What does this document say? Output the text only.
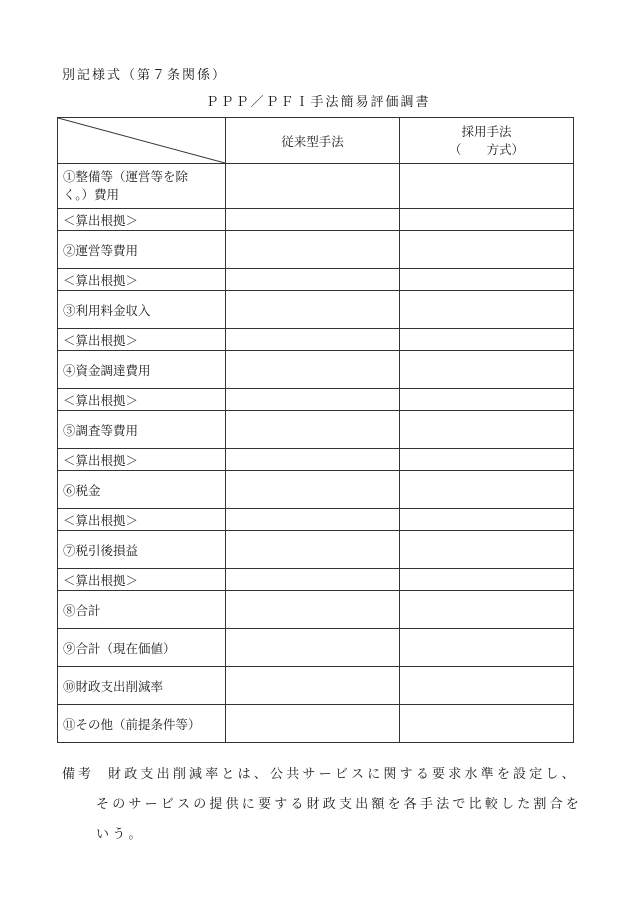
別記様式（第７条関係）
ＰＰＰ／ＰＦＩ手法簡易評価調書
	従来型手法	採用手法
（　　方式）

①整備等（運営等を除
く。）費用		

＜算出根拠＞		
②運営等費用		
＜算出根拠＞		
③利用料金収入		
＜算出根拠＞		
④資金調達費用		
＜算出根拠＞		
⑤調査等費用		
＜算出根拠＞		
⑥税金		
＜算出根拠＞		
⑦税引後損益		
＜算出根拠＞		
⑧合計		
⑨合計（現在価値）		
⑩財政支出削減率		
⑪その他（前提条件等）		
備考 財政支出削減率とは、公共サービスに関する要求水準を設定し、
そのサービスの提供に要する財政支出額を各手法で比較した割合を
いう。
